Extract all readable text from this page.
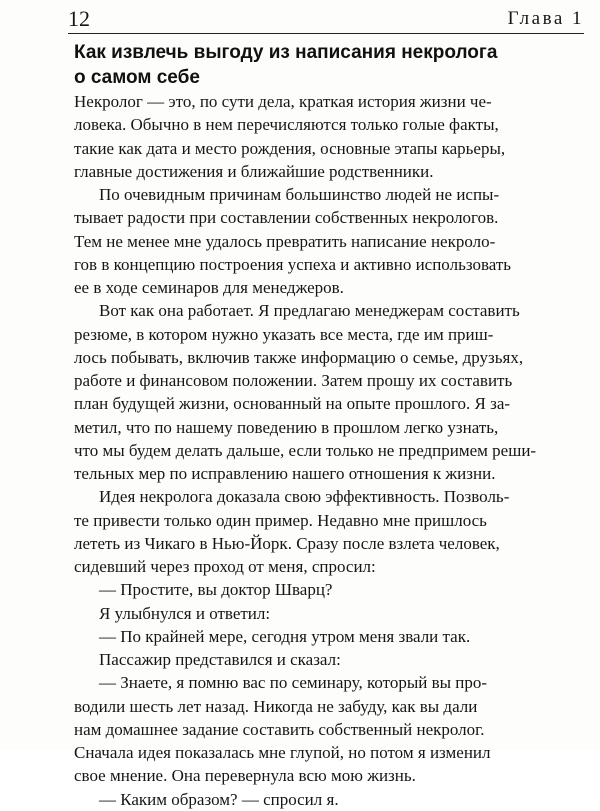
12	Глава 1
Как извлечь выгоду из написания некролога
о самом себе
Некролог — это, по сути дела, краткая история жизни че-
ловека. Обычно в нем перечисляются только голые факты,
такие как дата и место рождения, основные этапы карьеры,
главные достижения и ближайшие родственники.
По очевидным причинам большинство людей не испы-
тывает радости при составлении собственных некрологов.
Тем не менее мне удалось превратить написание некроло-
гов в концепцию построения успеха и активно использовать
ее в ходе семинаров для менеджеров.
Вот как она работает. Я предлагаю менеджерам составить
резюме, в котором нужно указать все места, где им приш-
лось побывать, включив также информацию о семье, друзьях,
работе и финансовом положении. Затем прошу их составить
план будущей жизни, основанный на опыте прошлого. Я за-
метил, что по нашему поведению в прошлом легко узнать,
что мы будем делать дальше, если только не предпримем реши-
тельных мер по исправлению нашего отношения к жизни.
Идея некролога доказала свою эффективность. Позволь-
те привести только один пример. Недавно мне пришлось
лететь из Чикаго в Нью-Йорк. Сразу после взлета человек,
сидевший через проход от меня, спросил:
— Простите, вы доктор Шварц?
Я улыбнулся и ответил:
— По крайней мере, сегодня утром меня звали так.
Пассажир представился и сказал:
— Знаете, я помню вас по семинару, который вы про-
водили шесть лет назад. Никогда не забуду, как вы дали
нам домашнее задание составить собственный некролог.
Сначала идея показалась мне глупой, но потом я изменил
свое мнение. Она перевернула всю мою жизнь.
— Каким образом? — спросил я.
